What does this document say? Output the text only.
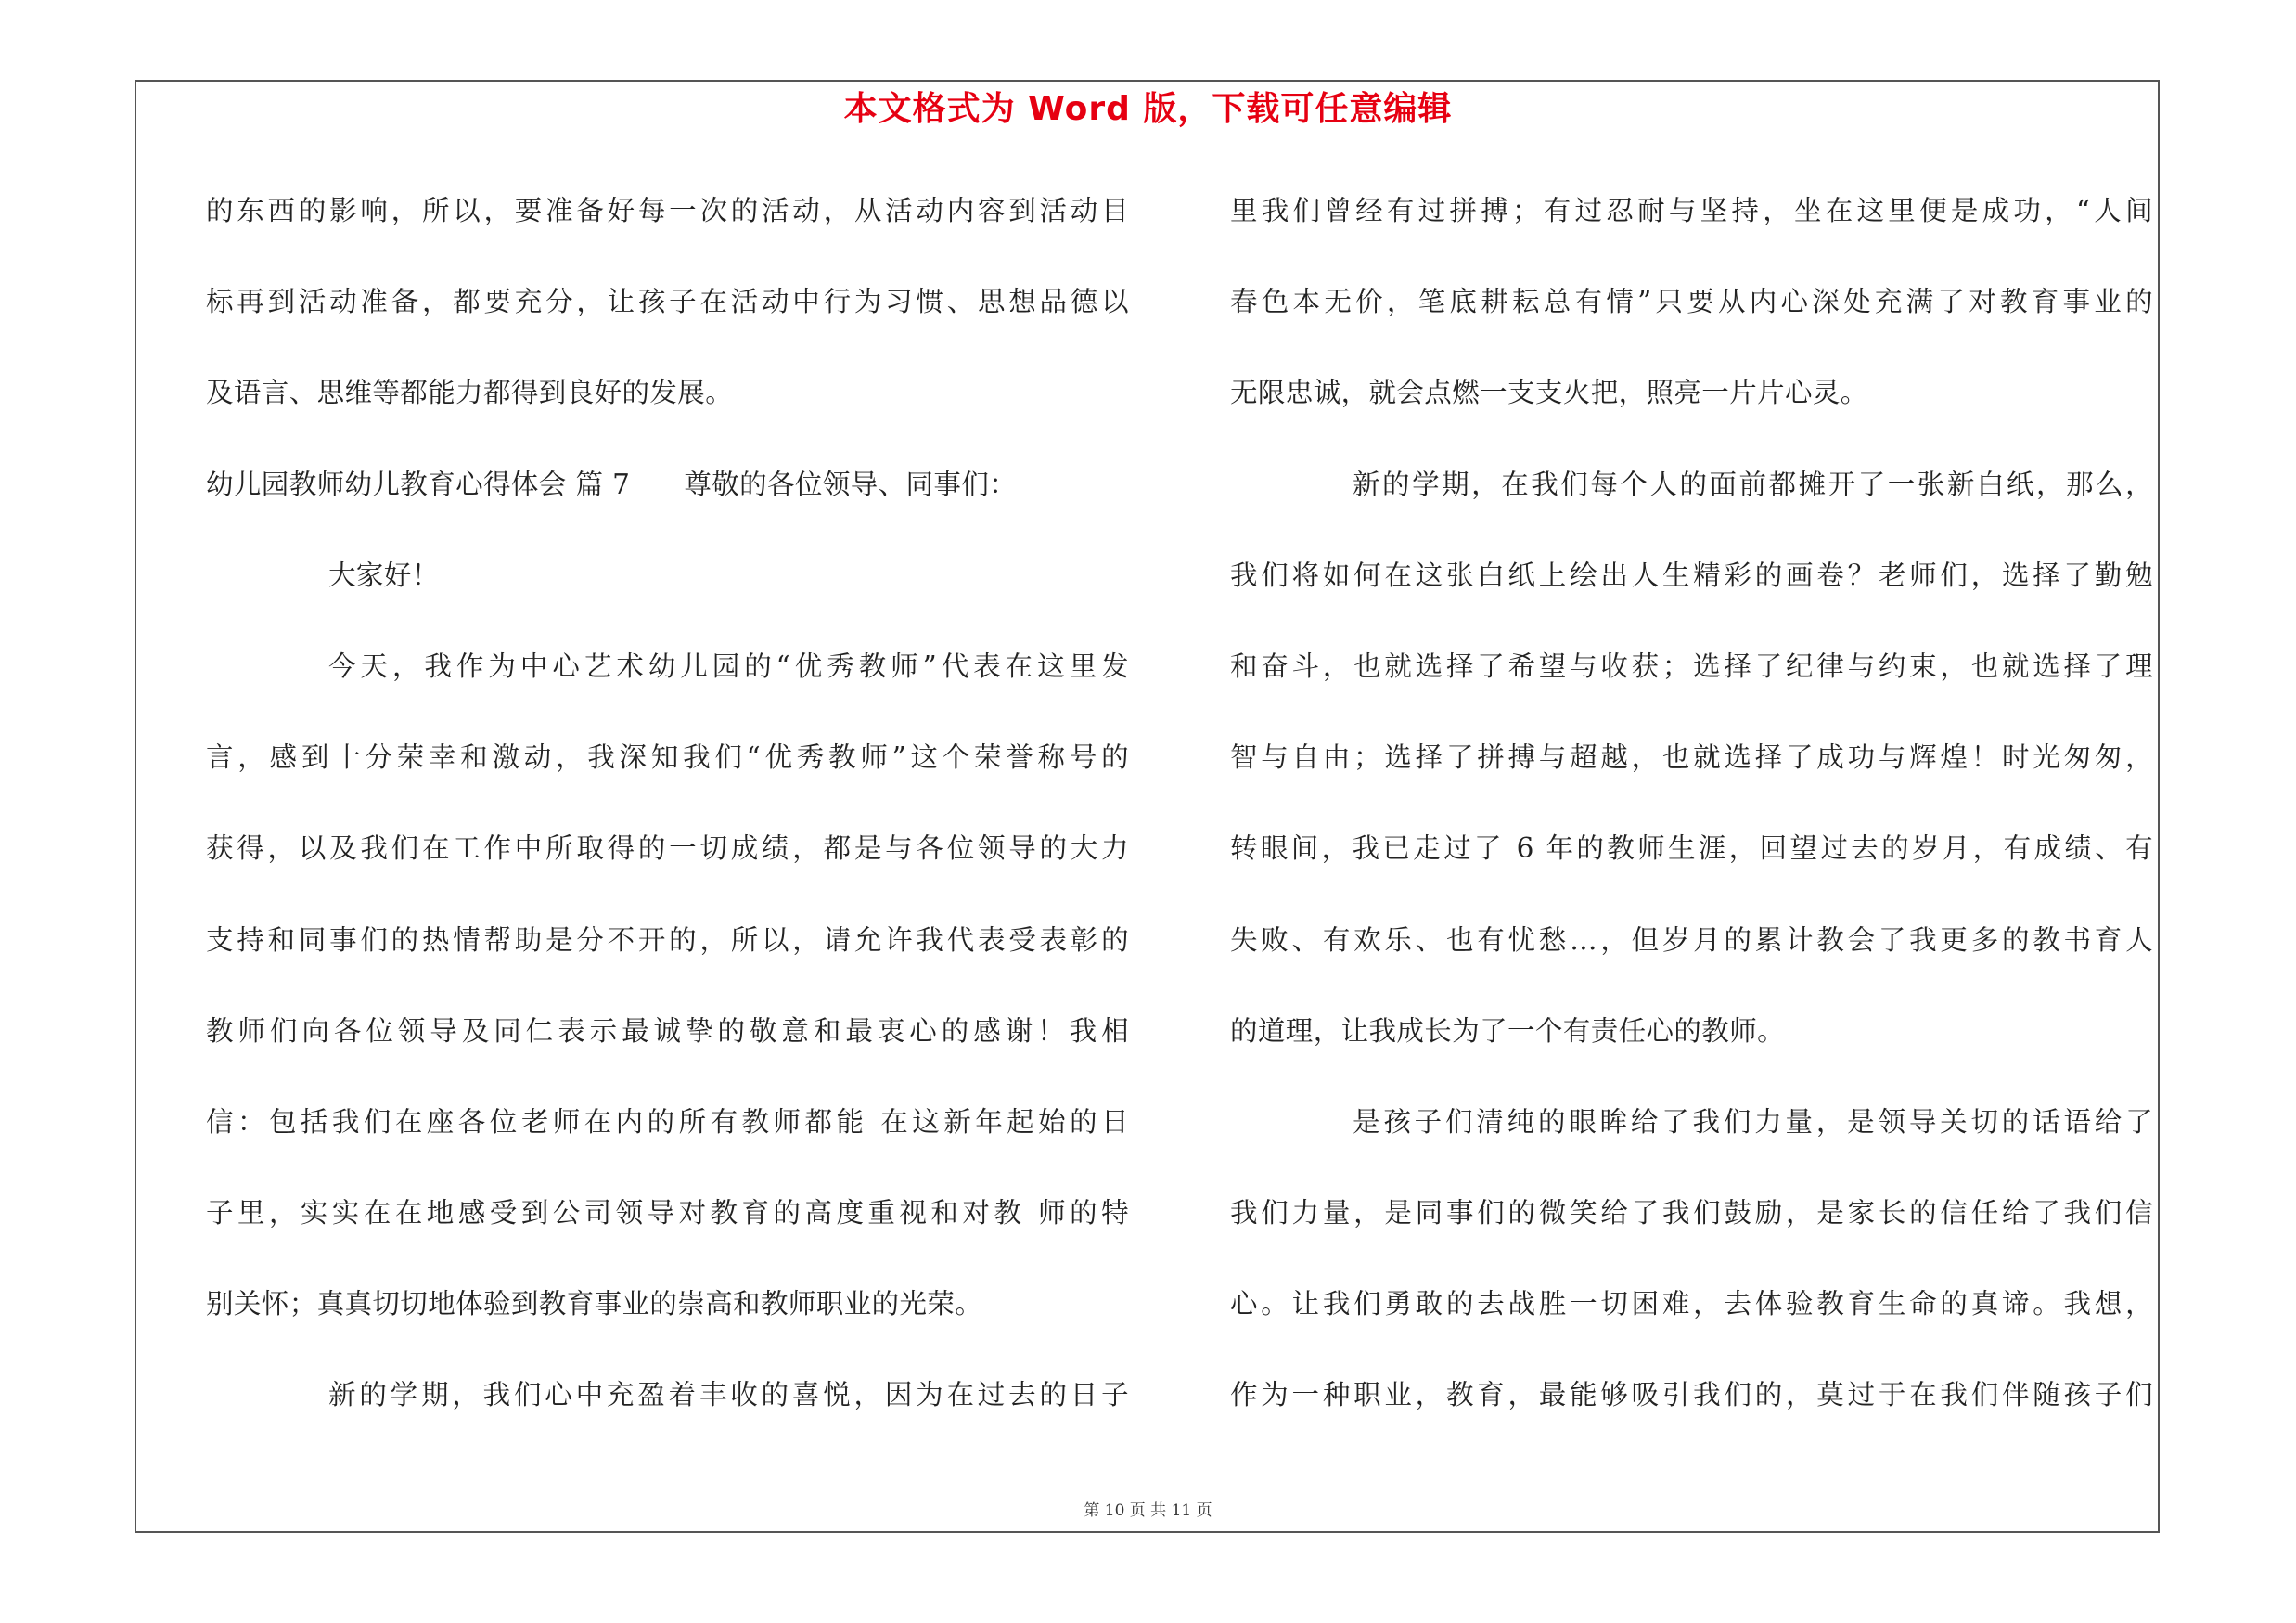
本文格式为 Word 版，下载可任意编辑
的东西的影响，所以，要准备好每一次的活动，从活动内容到活动目
标再到活动准备，都要充分，让孩子在活动中行为习惯、思想品德以
及语言、思维等都能力都得到良好的发展。
幼儿园教师幼儿教育心得体会 篇 7 尊敬的各位领导、同事们：
大家好！
今天，我作为中心艺术幼儿园的“优秀教师”代表在这里发
言，感到十分荣幸和激动，我深知我们“优秀教师”这个荣誉称号的
获得，以及我们在工作中所取得的一切成绩，都是与各位领导的大力
支持和同事们的热情帮助是分不开的，所以，请允许我代表受表彰的
教师们向各位领导及同仁表示最诚挚的敬意和最衷心的感谢！我相
信：包括我们在座各位老师在内的所有教师都能 在这新年起始的日
子里，实实在在地感受到公司领导对教育的高度重视和对教 师的特
别关怀；真真切切地体验到教育事业的崇高和教师职业的光荣。
新的学期，我们心中充盈着丰收的喜悦，因为在过去的日子
里我们曾经有过拼搏；有过忍耐与坚持，坐在这里便是成功，“人间
春色本无价，笔底耕耘总有情”只要从内心深处充满了对教育事业的
无限忠诚，就会点燃一支支火把，照亮一片片心灵。
新的学期，在我们每个人的面前都摊开了一张新白纸，那么，
我们将如何在这张白纸上绘出人生精彩的画卷？老师们，选择了勤勉
和奋斗，也就选择了希望与收获；选择了纪律与约束，也就选择了理
智与自由；选择了拼搏与超越，也就选择了成功与辉煌！时光匆匆，
转眼间，我已走过了 6 年的教师生涯，回望过去的岁月，有成绩、有
失败、有欢乐、也有忧愁…，但岁月的累计教会了我更多的教书育人
的道理，让我成长为了一个有责任心的教师。
是孩子们清纯的眼眸给了我们力量，是领导关切的话语给了
我们力量，是同事们的微笑给了我们鼓励，是家长的信任给了我们信
心。让我们勇敢的去战胜一切困难，去体验教育生命的真谛。我想，
作为一种职业，教育，最能够吸引我们的，莫过于在我们伴随孩子们
第 10 页 共 11 页
